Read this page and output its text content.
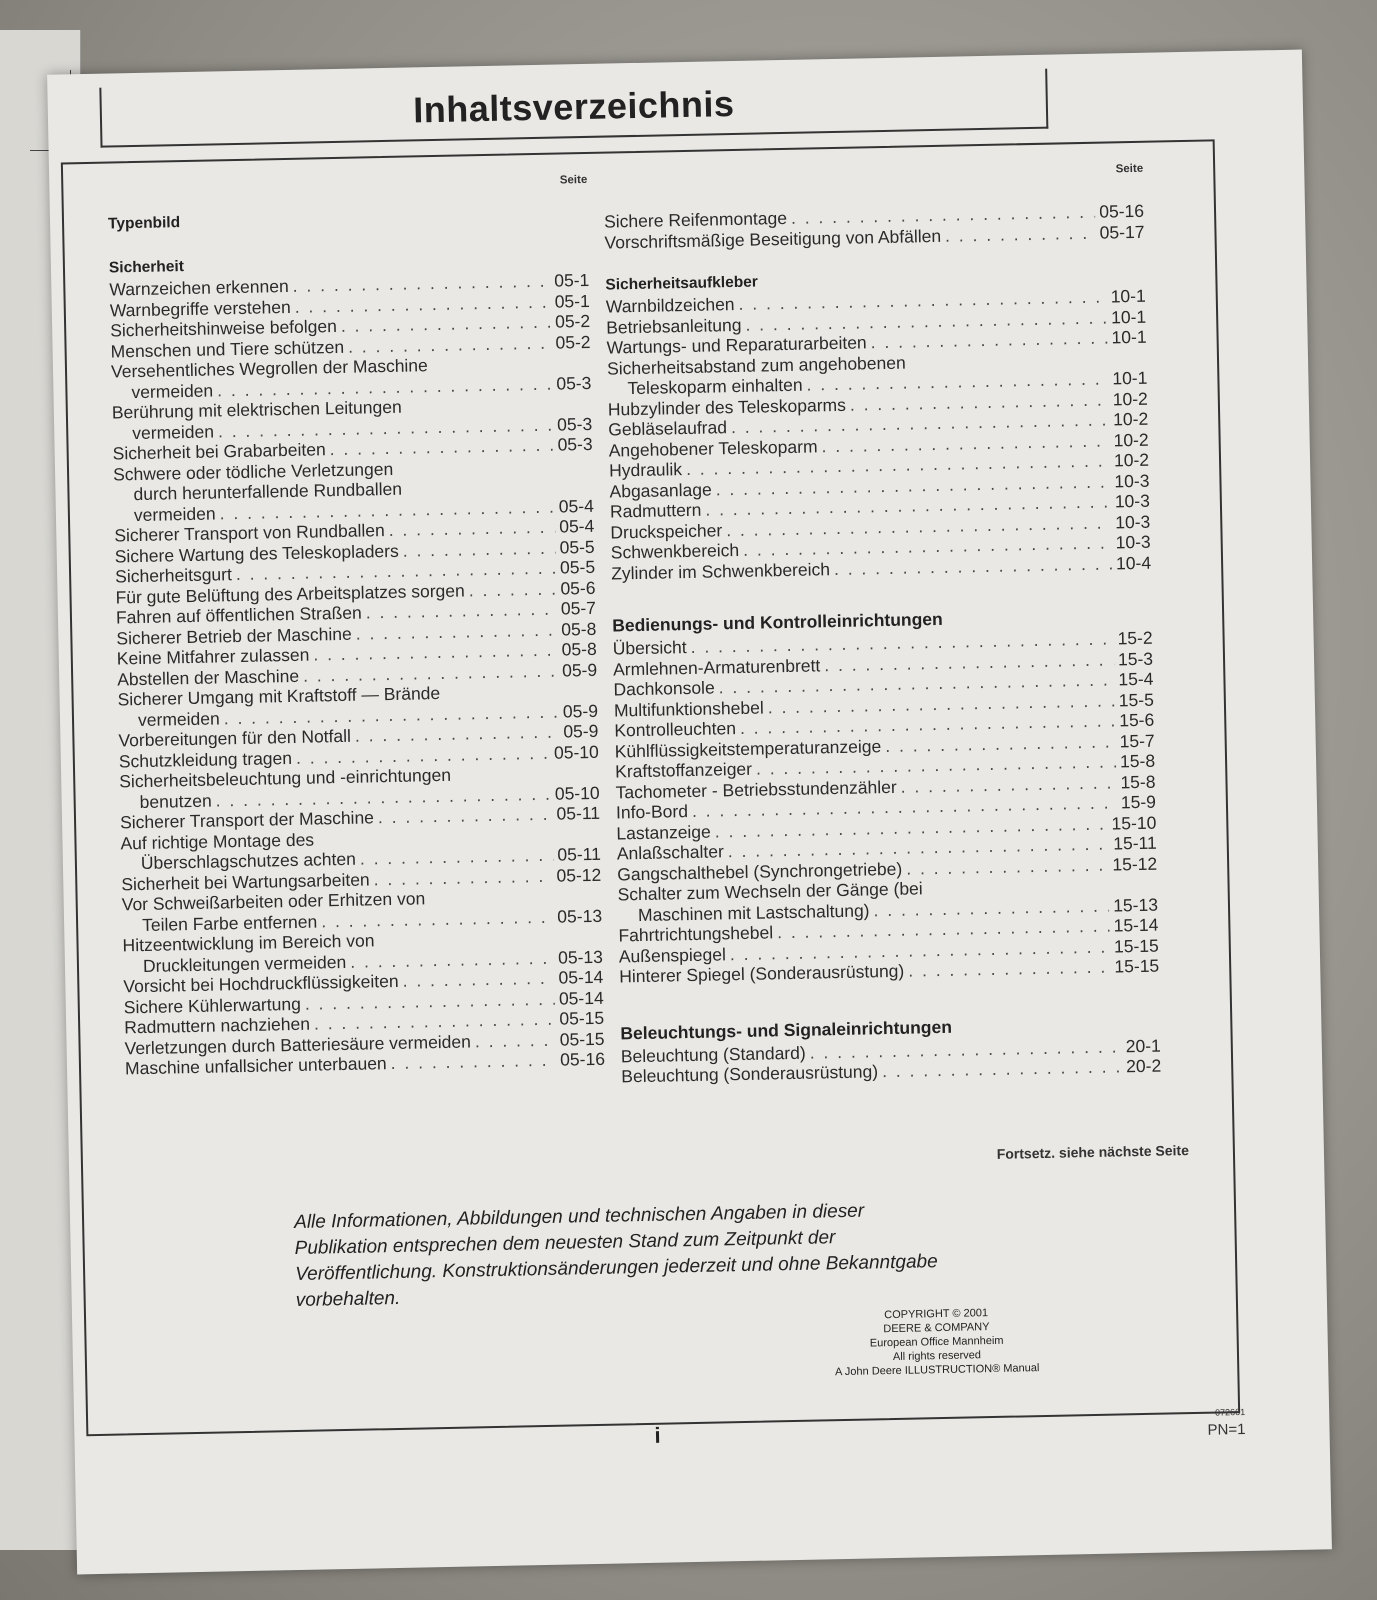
Inhaltsverzeichnis
Seite
Typenbild
Sicherheit
Warnzeichen erkennen . . .	05-1
Warnbegriffe verstehen . . .	05-1
Sicherheitshinweise befolgen . . .	05-2
Menschen und Tiere schützen . . .	05-2
Versehentliches Wegrollen der Maschine
vermeiden . . .	05-3
Berührung mit elektrischen Leitungen
vermeiden . . .	05-3
Sicherheit bei Grabarbeiten . . .	05-3
Schwere oder tödliche Verletzungen
durch herunterfallende Rundballen
vermeiden . . .	05-4
Sicherer Transport von Rundballen . . .	05-4
Sichere Wartung des Teleskopladers . . .	05-5
Sicherheitsgurt . . .	05-5
Für gute Belüftung des Arbeitsplatzes sorgen . . .	05-6
Fahren auf öffentlichen Straßen . . .	05-7
Sicherer Betrieb der Maschine . . .	05-8
Keine Mitfahrer zulassen . . .	05-8
Abstellen der Maschine . . .	05-9
Sicherer Umgang mit Kraftstoff — Brände
vermeiden . . .	05-9
Vorbereitungen für den Notfall . . .	05-9
Schutzkleidung tragen . . .	05-10
Sicherheitsbeleuchtung und -einrichtungen
benutzen . . .	05-10
Sicherer Transport der Maschine . . .	05-11
Auf richtige Montage des
Überschlagschutzes achten . . .	05-11
Sicherheit bei Wartungsarbeiten . . .	05-12
Vor Schweißarbeiten oder Erhitzen von
Teilen Farbe entfernen . . .	05-13
Hitzeentwicklung im Bereich von
Druckleitungen vermeiden . . .	05-13
Vorsicht bei Hochdruckflüssigkeiten . . .	05-14
Sichere Kühlerwartung . . .	05-14
Radmuttern nachziehen . . .	05-15
Verletzungen durch Batteriesäure vermeiden . . .	05-15
Maschine unfallsicher unterbauen . . .	05-16
Seite
Sichere Reifenmontage . . .	05-16
Vorschriftsmäßige Beseitigung von Abfällen . . .	05-17
Sicherheitsaufkleber
Warnbildzeichen . . .	10-1
Betriebsanleitung . . .	10-1
Wartungs- und Reparaturarbeiten . . .	10-1
Sicherheitsabstand zum angehobenen
Teleskoparm einhalten . . .	10-1
Hubzylinder des Teleskoparms . . .	10-2
Gebläselaufrad . . .	10-2
Angehobener Teleskoparm . . .	10-2
Hydraulik . . .	10-2
Abgasanlage . . .	10-3
Radmuttern . . .	10-3
Druckspeicher . . .	10-3
Schwenkbereich . . .	10-3
Zylinder im Schwenkbereich . . .	10-4
Bedienungs- und Kontrolleinrichtungen
Übersicht . . .	15-2
Armlehnen-Armaturenbrett . . .	15-3
Dachkonsole . . .	15-4
Multifunktionshebel . . .	15-5
Kontrolleuchten . . .	15-6
Kühlflüssigkeitstemperaturanzeige . . .	15-7
Kraftstoffanzeiger . . .	15-8
Tachometer - Betriebsstundenzähler . . .	15-8
Info-Bord . . .	15-9
Lastanzeige . . .	15-10
Anlaßschalter . . .	15-11
Gangschalthebel (Synchrongetriebe) . . .	15-12
Schalter zum Wechseln der Gänge (bei
Maschinen mit Lastschaltung) . . .	15-13
Fahrtrichtungshebel . . .	15-14
Außenspiegel . . .	15-15
Hinterer Spiegel (Sonderausrüstung) . . .	15-15
Beleuchtungs- und Signaleinrichtungen
Beleuchtung (Standard) . . .	20-1
Beleuchtung (Sonderausrüstung) . . .	20-2
Fortsetz. siehe nächste Seite
Alle Informationen, Abbildungen und technischen Angaben in dieser Publikation entsprechen dem neuesten Stand zum Zeitpunkt der Veröffentlichung. Konstruktionsänderungen jederzeit und ohne Bekanntgabe vorbehalten.
COPYRIGHT © 2001
DEERE & COMPANY
European Office Mannheim
All rights reserved
A John Deere ILLUSTRUCTION® Manual
i
072601
PN=1
